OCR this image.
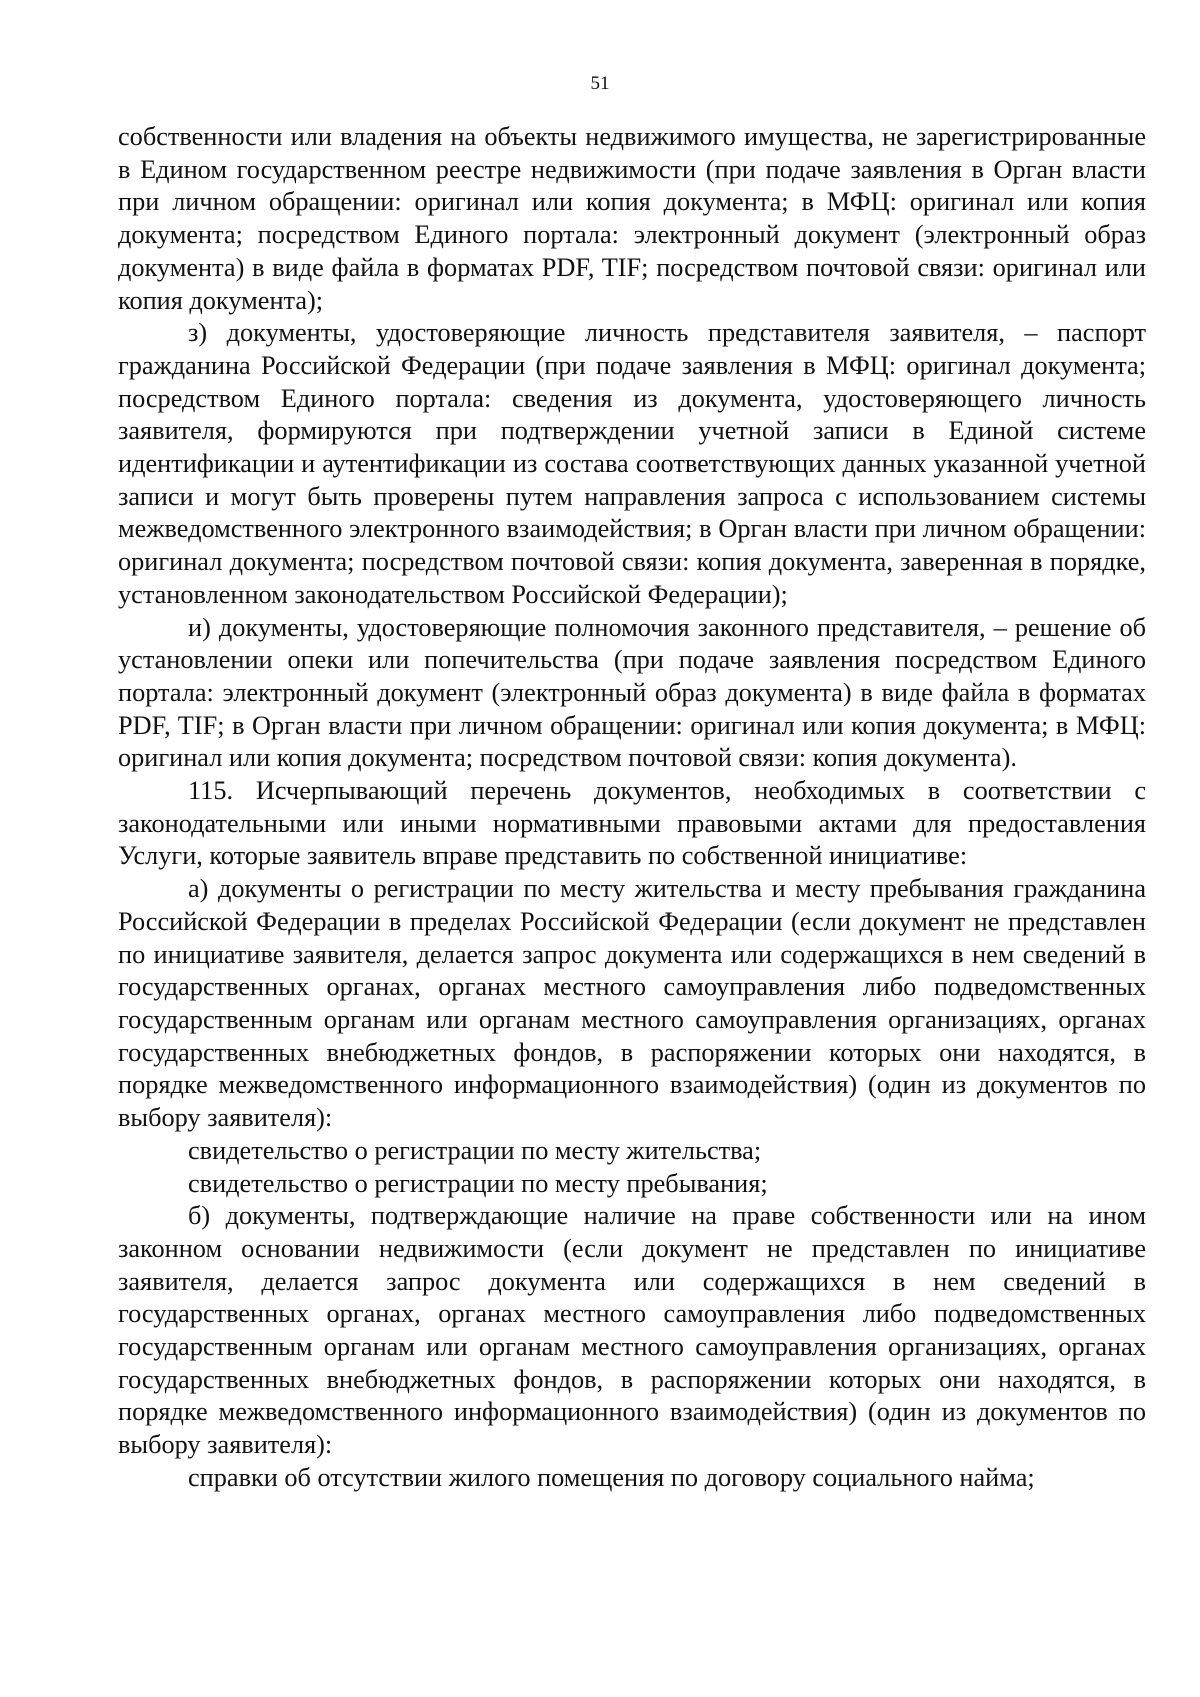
51

собственности или владения на объекты недвижимого имущества, не зарегистрированные в Едином государственном реестре недвижимости (при подаче заявления в Орган власти при личном обращении: оригинал или копия документа; в МФЦ: оригинал или копия документа; посредством Единого портала: электронный документ (электронный образ документа) в виде файла в форматах PDF, TIF; посредством почтовой связи: оригинал или копия документа);

з) документы, удостоверяющие личность представителя заявителя, – паспорт гражданина Российской Федерации (при подаче заявления в МФЦ: оригинал документа; посредством Единого портала: сведения из документа, удостоверяющего личность заявителя, формируются при подтверждении учетной записи в Единой системе идентификации и аутентификации из состава соответствующих данных указанной учетной записи и могут быть проверены путем направления запроса с использованием системы межведомственного электронного взаимодействия; в Орган власти при личном обращении: оригинал документа; посредством почтовой связи: копия документа, заверенная в порядке, установленном законодательством Российской Федерации);

и) документы, удостоверяющие полномочия законного представителя, – решение об установлении опеки или попечительства (при подаче заявления посредством Единого портала: электронный документ (электронный образ документа) в виде файла в форматах PDF, TIF; в Орган власти при личном обращении: оригинал или копия документа; в МФЦ: оригинал или копия документа; посредством почтовой связи: копия документа).

115. Исчерпывающий перечень документов, необходимых в соответствии с законодательными или иными нормативными правовыми актами для предоставления Услуги, которые заявитель вправе представить по собственной инициативе:

а) документы о регистрации по месту жительства и месту пребывания гражданина Российской Федерации в пределах Российской Федерации (если документ не представлен по инициативе заявителя, делается запрос документа или содержащихся в нем сведений в государственных органах, органах местного самоуправления либо подведомственных государственным органам или органам местного самоуправления организациях, органах государственных внебюджетных фондов, в распоряжении которых они находятся, в порядке межведомственного информационного взаимодействия) (один из документов по выбору заявителя):

свидетельство о регистрации по месту жительства;

свидетельство о регистрации по месту пребывания;

б) документы, подтверждающие наличие на праве собственности или на ином законном основании недвижимости (если документ не представлен по инициативе заявителя, делается запрос документа или содержащихся в нем сведений в государственных органах, органах местного самоуправления либо подведомственных государственным органам или органам местного самоуправления организациях, органах государственных внебюджетных фондов, в распоряжении которых они находятся, в порядке межведомственного информационного взаимодействия) (один из документов по выбору заявителя):

справки об отсутствии жилого помещения по договору социального найма;
